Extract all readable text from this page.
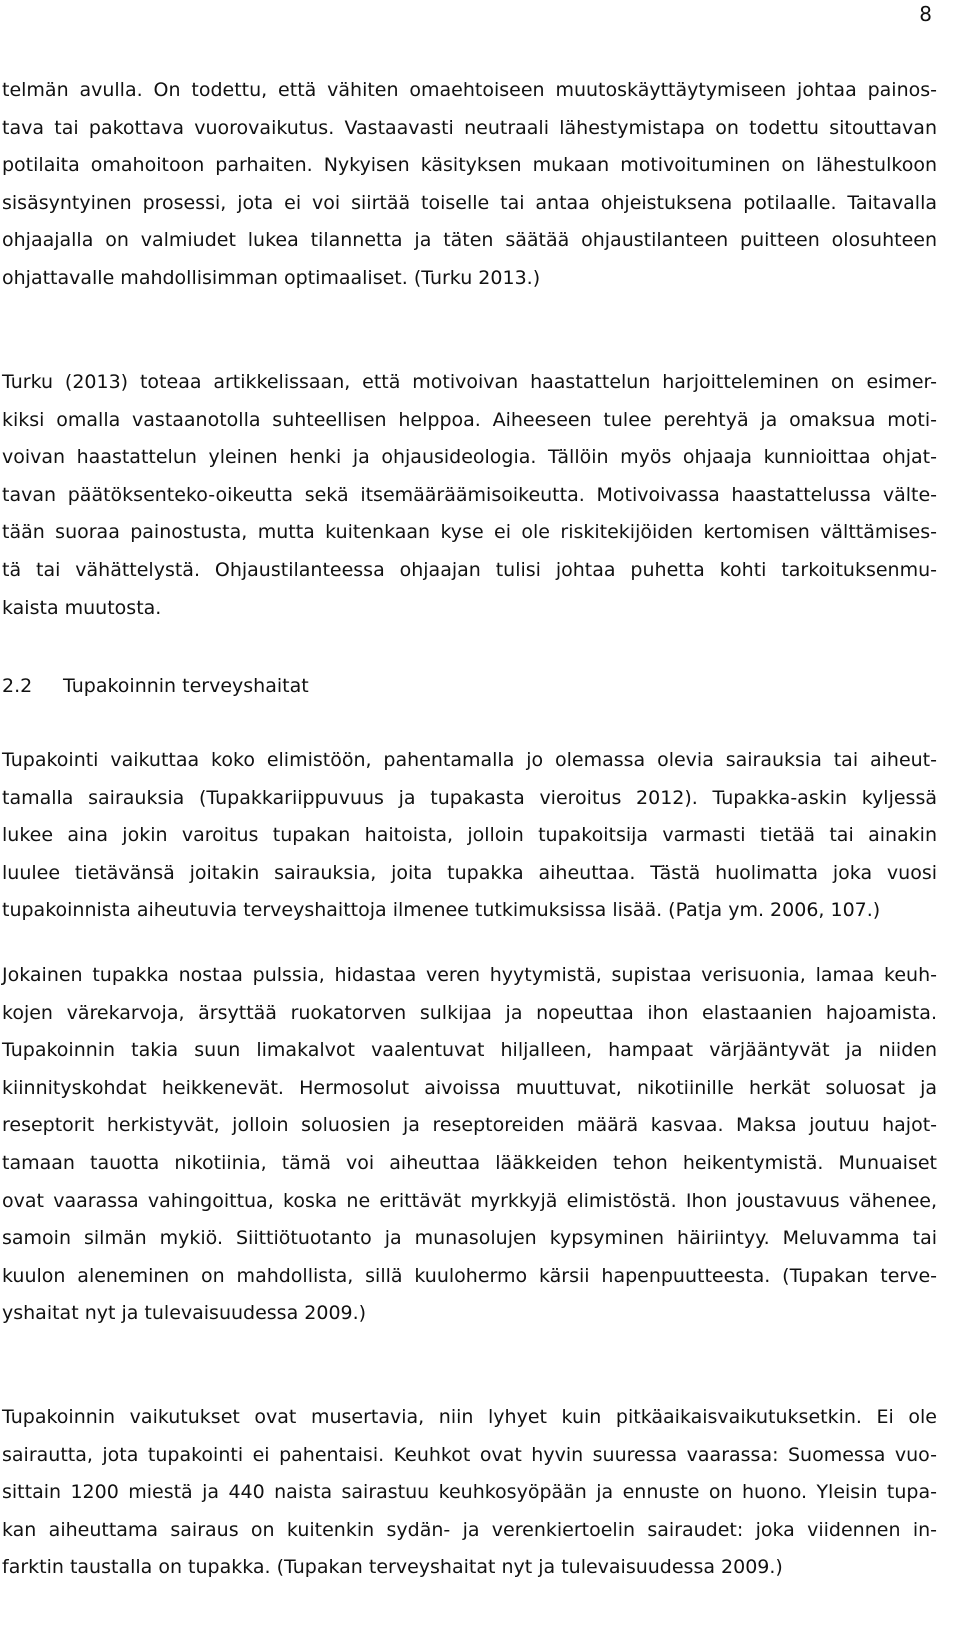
8
telmän avulla. On todettu, että vähiten omaehtoiseen muutoskäyttäytymiseen johtaa painos-
tava tai pakottava vuorovaikutus. Vastaavasti neutraali lähestymistapa on todettu sitouttavan
potilaita omahoitoon parhaiten. Nykyisen käsityksen mukaan motivoituminen on lähestulkoon
sisäsyntyinen prosessi, jota ei voi siirtää toiselle tai antaa ohjeistuksena potilaalle. Taitavalla
ohjaajalla on valmiudet lukea tilannetta ja täten säätää ohjaustilanteen puitteen olosuhteen
ohjattavalle mahdollisimman optimaaliset. (Turku 2013.)
Turku (2013) toteaa artikkelissaan, että motivoivan haastattelun harjoitteleminen on esimer-
kiksi omalla vastaanotolla suhteellisen helppoa. Aiheeseen tulee perehtyä ja omaksua moti-
voivan haastattelun yleinen henki ja ohjausideologia. Tällöin myös ohjaaja kunnioittaa ohjat-
tavan päätöksenteko-oikeutta sekä itsemääräämisoikeutta. Motivoivassa haastattelussa välte-
tään suoraa painostusta, mutta kuitenkaan kyse ei ole riskitekijöiden kertomisen välttämises-
tä tai vähättelystä. Ohjaustilanteessa ohjaajan tulisi johtaa puhetta kohti tarkoituksenmu-
kaista muutosta.
2.2 Tupakoinnin terveyshaitat
Tupakointi vaikuttaa koko elimistöön, pahentamalla jo olemassa olevia sairauksia tai aiheut-
tamalla sairauksia (Tupakkariippuvuus ja tupakasta vieroitus 2012). Tupakka-askin kyljessä
lukee aina jokin varoitus tupakan haitoista, jolloin tupakoitsija varmasti tietää tai ainakin
luulee tietävänsä joitakin sairauksia, joita tupakka aiheuttaa. Tästä huolimatta joka vuosi
tupakoinnista aiheutuvia terveyshaittoja ilmenee tutkimuksissa lisää. (Patja ym. 2006, 107.)
Jokainen tupakka nostaa pulssia, hidastaa veren hyytymistä, supistaa verisuonia, lamaa keuh-
kojen värekarvoja, ärsyttää ruokatorven sulkijaa ja nopeuttaa ihon elastaanien hajoamista.
Tupakoinnin takia suun limakalvot vaalentuvat hiljalleen, hampaat värjääntyvät ja niiden
kiinnityskohdat heikkenevät. Hermosolut aivoissa muuttuvat, nikotiinille herkät soluosat ja
reseptorit herkistyvät, jolloin soluosien ja reseptoreiden määrä kasvaa. Maksa joutuu hajot-
tamaan tauotta nikotiinia, tämä voi aiheuttaa lääkkeiden tehon heikentymistä. Munuaiset
ovat vaarassa vahingoittua, koska ne erittävät myrkkyjä elimistöstä. Ihon joustavuus vähenee,
samoin silmän mykiö. Siittiötuotanto ja munasolujen kypsyminen häiriintyy. Meluvamma tai
kuulon aleneminen on mahdollista, sillä kuulohermo kärsii hapenpuutteesta. (Tupakan terve-
yshaitat nyt ja tulevaisuudessa 2009.)
Tupakoinnin vaikutukset ovat musertavia, niin lyhyet kuin pitkäaikaisvaikutuksetkin. Ei ole
sairautta, jota tupakointi ei pahentaisi. Keuhkot ovat hyvin suuressa vaarassa: Suomessa vuo-
sittain 1200 miestä ja 440 naista sairastuu keuhkosyöpään ja ennuste on huono. Yleisin tupa-
kan aiheuttama sairaus on kuitenkin sydän- ja verenkiertoelin sairaudet: joka viidennen in-
farktin taustalla on tupakka. (Tupakan terveyshaitat nyt ja tulevaisuudessa 2009.)
